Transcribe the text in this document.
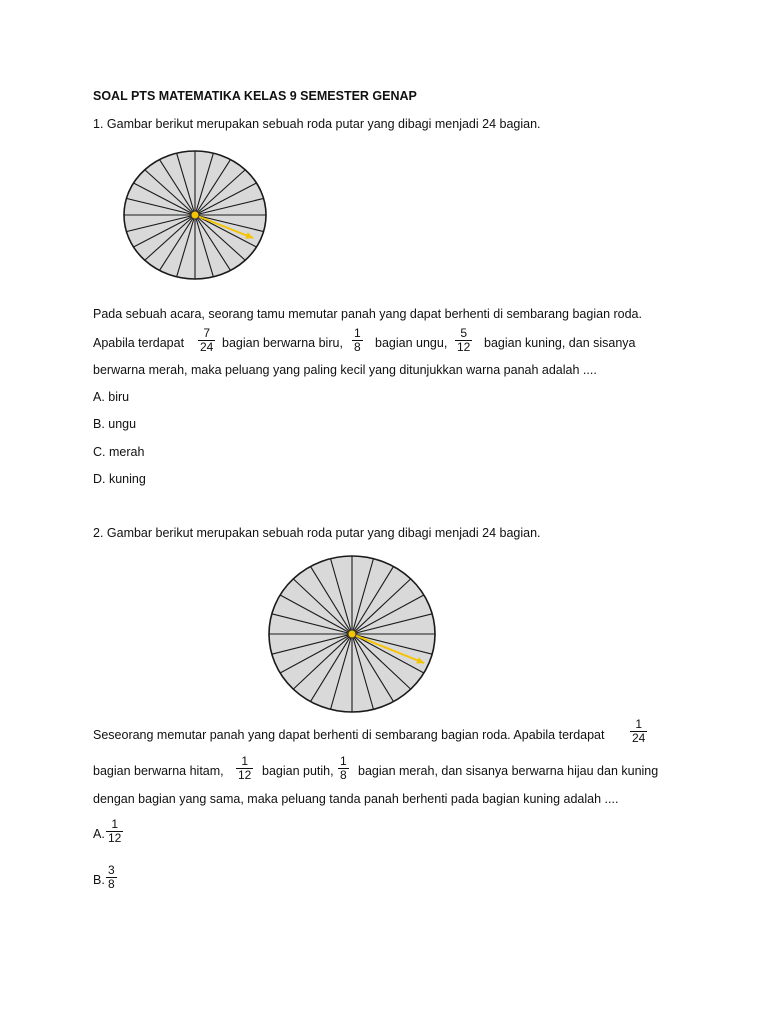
SOAL PTS MATEMATIKA KELAS 9 SEMESTER GENAP
1. Gambar berikut merupakan sebuah roda putar yang dibagi menjadi 24 bagian.
Pada sebuah acara, seorang tamu memutar panah yang dapat berhenti di sembarang bagian roda.
Apabila terdapat $\frac{7}{24}$ bagian berwarna biru, $\frac{1}{8}$ bagian ungu, $\frac{5}{12}$ bagian kuning, dan sisanya
berwarna merah, maka peluang yang paling kecil yang ditunjukkan warna panah adalah ....
A. biru
B. ungu
C. merah
D. kuning
2. Gambar berikut merupakan sebuah roda putar yang dibagi menjadi 24 bagian.
Seseorang memutar panah yang dapat berhenti di sembarang bagian roda. Apabila terdapat $\frac{1}{24}$
bagian berwarna hitam, $\frac{1}{12}$ bagian putih, $\frac{1}{8}$ bagian merah, dan sisanya berwarna hijau dan kuning
dengan bagian yang sama, maka peluang tanda panah berhenti pada bagian kuning adalah ....
A. $\frac{1}{12}$
B. $\frac{3}{8}$
